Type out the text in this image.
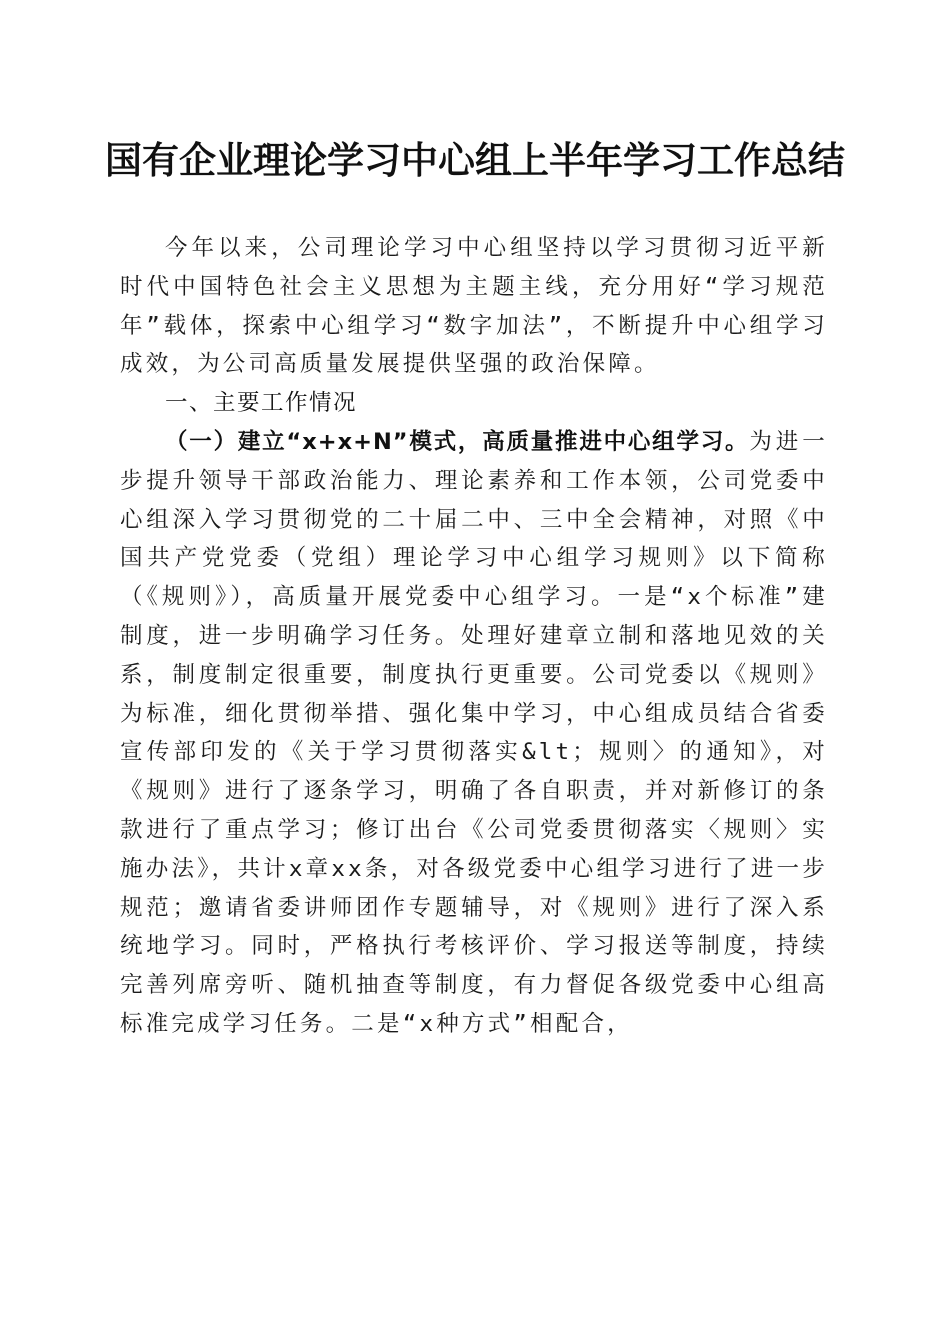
国有企业理论学习中心组上半年学习工作总结

今年以来，公司理论学习中心组坚持以学习贯彻习近平新时代中国特色社会主义思想为主题主线，充分用好“学习规范年”载体，探索中心组学习“数字加法”，不断提升中心组学习成效，为公司高质量发展提供坚强的政治保障。

一、主要工作情况

（一）建立“x+x+N”模式，高质量推进中心组学习。为进一步提升领导干部政治能力、理论素养和工作本领，公司党委中心组深入学习贯彻党的二十届二中、三中全会精神，对照《中国共产党党委（党组）理论学习中心组学习规则》以下简称（《规则》），高质量开展党委中心组学习。一是“x个标准”建制度，进一步明确学习任务。处理好建章立制和落地见效的关系，制度制定很重要，制度执行更重要。公司党委以《规则》为标准，细化贯彻举措、强化集中学习，中心组成员结合省委宣传部印发的《关于学习贯彻落实&lt；规则〉的通知》，对《规则》进行了逐条学习，明确了各自职责，并对新修订的条款进行了重点学习；修订出台《公司党委贯彻落实〈规则〉实施办法》，共计x章xx条，对各级党委中心组学习进行了进一步规范；邀请省委讲师团作专题辅导，对《规则》进行了深入系统地学习。同时，严格执行考核评价、学习报送等制度，持续完善列席旁听、随机抽查等制度，有力督促各级党委中心组高标准完成学习任务。二是“x种方式”相配合，
